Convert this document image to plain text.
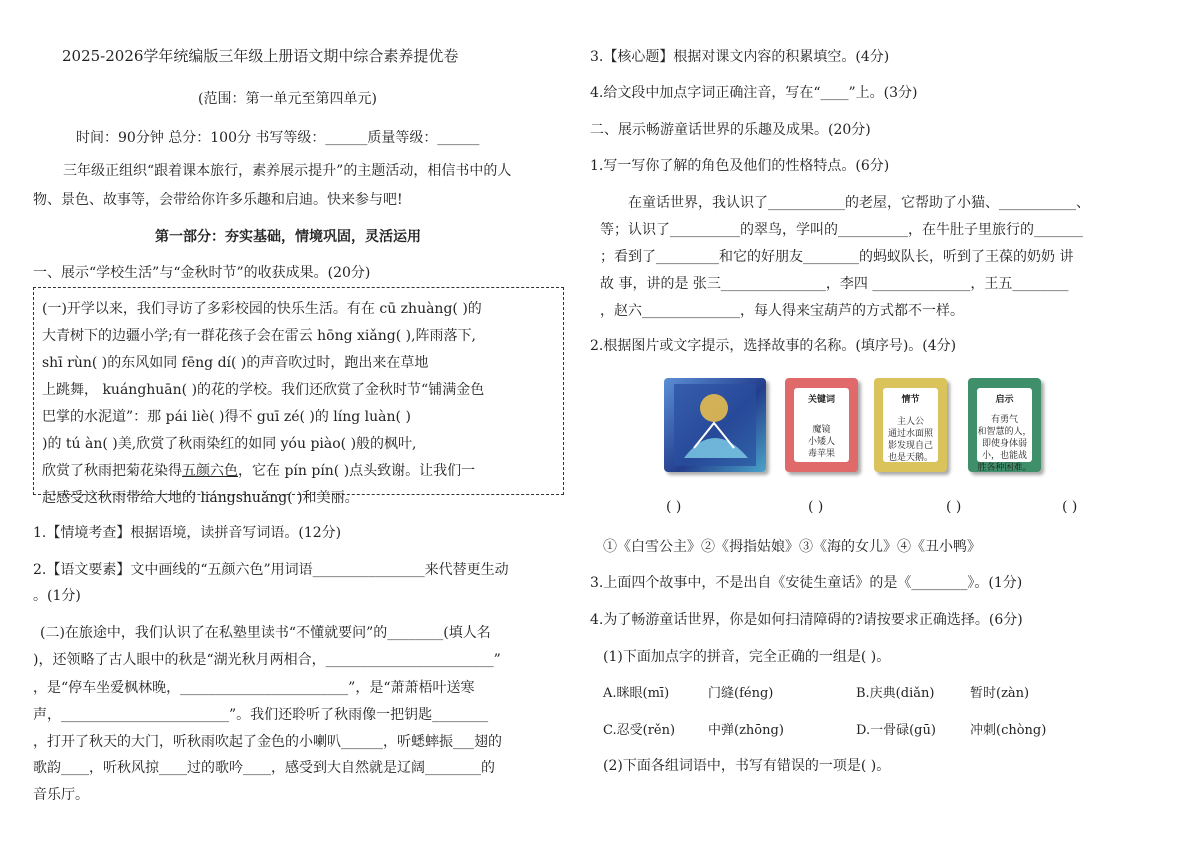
2025-2026学年统编版三年级上册语文期中综合素养提优卷
(范围：第一单元至第四单元)
时间：90分钟 总分：100分 书写等级：______质量等级：______
三年级正组织“跟着课本旅行，素养展示提升”的主题活动，相信书中的人
物、景色、故事等，会带给你许多乐趣和启迪。快来参与吧!
第一部分：夯实基础，情境巩固，灵活运用
一、展示“学校生活”与“金秋时节”的收获成果。(20分)
(一)开学以来，我们寻访了多彩校园的快乐生活。有在 cū zhuàng( )的
大青树下的边疆小学;有一群花孩子会在雷云 hōng xiǎng( ),阵雨落下,
shī rùn( )的东风如同 fēng dí( )的声音吹过时，跑出来在草地
上跳舞， kuánghuān( )的花的学校。我们还欣赏了金秋时节“铺满金色
巴掌的水泥道”：那 pái liè( )得不 guī zé( )的 líng luàn( )
)的 tú àn( )美,欣赏了秋雨染红的如同 yóu piào( )般的枫叶,
欣赏了秋雨把菊花染得五颜六色，它在 pín pín( )点头致谢。让我们一
起感受这秋雨带给大地的 liángshuǎng( )和美丽。
1.【情境考查】根据语境，读拼音写词语。(12分)
2.【语文要素】文中画线的“五颜六色”用词语________________来代替更生动
。(1分)
(二)在旅途中，我们认识了在私塾里读书“不懂就要问”的________(填人名
)，还领略了古人眼中的秋是“湖光秋月两相合，________________________”
，是“停车坐爱枫林晚，________________________”，是“萧萧梧叶送寒
声，________________________”。我们还聆听了秋雨像一把钥匙________
，打开了秋天的大门，听秋雨吹起了金色的小喇叭______，听蟋蟀振___翅的
歌韵____，听秋风掠____过的歌吟____，感受到大自然就是辽阔________的
音乐厅。
3.【核心题】根据对课文内容的积累填空。(4分)
4.给文段中加点字词正确注音，写在“____”上。(3分)
二、展示畅游童话世界的乐趣及成果。(20分)
1.写一写你了解的角色及他们的性格特点。(6分)
在童话世界，我认识了___________的老屋，它帮助了小猫、___________、
等；认识了__________的翠鸟，学叫的__________，在牛肚子里旅行的_______
；看到了_________和它的好朋友________的蚂蚁队长，听到了王葆的奶奶 讲
故 事，讲的是 张三_______________，李四 ______________，王五________
，赵六______________，每人得来宝葫芦的方式都不一样。
2.根据图片或文字提示，选择故事的名称。(填序号)。(4分)
关键词
魔镜
小矮人
毒苹果
情节
主人公
通过水面照
影发现自己
也是天鹅。
启示
有勇气
和智慧的人，
即使身体弱
小，也能战
胜各种困难。
( )	( )	( )	( )
①《白雪公主》②《拇指姑娘》③《海的女儿》④《丑小鸭》
3.上面四个故事中，不是出自《安徒生童话》的是《________》。(1分)
4.为了畅游童话世界，你是如何扫清障碍的?请按要求正确选择。(6分)
(1)下面加点字的拼音，完全正确的一组是( )。
A.眯眼(mī)	门缝(féng)	B.庆典(diǎn)	暂时(zàn)
C.忍受(rěn)	中弹(zhōng)	D.一骨碌(gū)	冲刺(chòng)
(2)下面各组词语中，书写有错误的一项是( )。
